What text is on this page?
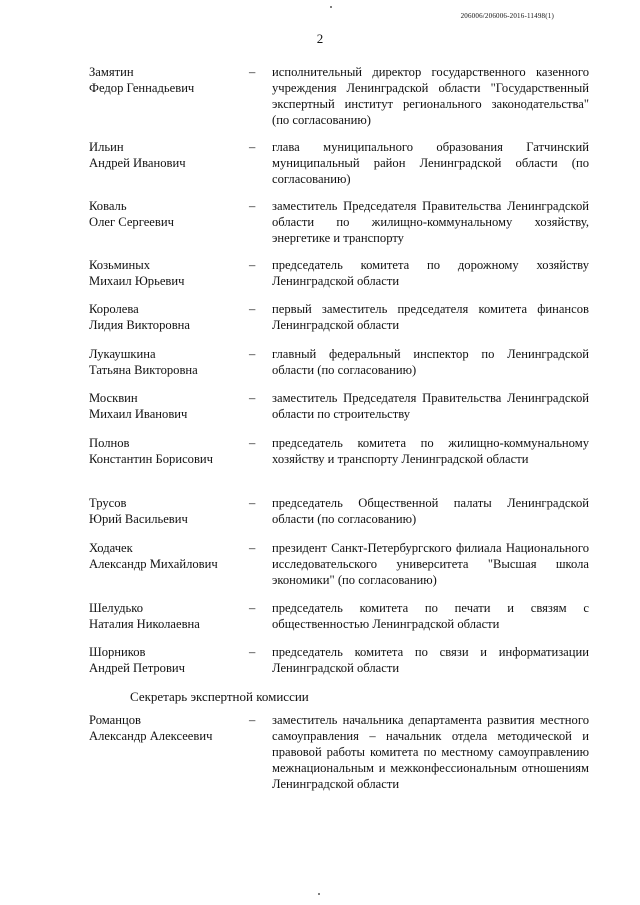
206006/206006-2016-11498(1)
2
Замятин
Федор Геннадьевич
– исполнительный директор государственного казенного учреждения Ленинградской области "Государственный экспертный институт регионального законодательства" (по согласованию)
Ильин
Андрей Иванович
– глава муниципального образования Гатчинский муниципальный район Ленинградской области (по согласованию)
Коваль
Олег Сергеевич
– заместитель Председателя Правительства Ленинградской области по жилищно-коммунальному хозяйству, энергетике и транспорту
Козьминых
Михаил Юрьевич
– председатель комитета по дорожному хозяйству Ленинградской области
Королева
Лидия Викторовна
– первый заместитель председателя комитета финансов Ленинградской области
Лукаушкина
Татьяна Викторовна
– главный федеральный инспектор по Ленинградской области (по согласованию)
Москвин
Михаил Иванович
– заместитель Председателя Правительства Ленинградской области по строительству
Полнов
Константин Борисович
– председатель комитета по жилищно-коммунальному хозяйству и транспорту Ленинградской области
Трусов
Юрий Васильевич
– председатель Общественной палаты Ленинградской области (по согласованию)
Ходачек
Александр Михайлович
– президент Санкт-Петербургского филиала Национального исследовательского университета "Высшая школа экономики" (по согласованию)
Шелудько
Наталия Николаевна
– председатель комитета по печати и связям с общественностью Ленинградской области
Шорников
Андрей Петрович
– председатель комитета по связи и информатизации Ленинградской области
Секретарь экспертной комиссии
Романцов
Александр Алексеевич
– заместитель начальника департамента развития местного самоуправления – начальник отдела методической и правовой работы комитета по местному самоуправлению межнациональным и межконфессиональным отношениям Ленинградской области
